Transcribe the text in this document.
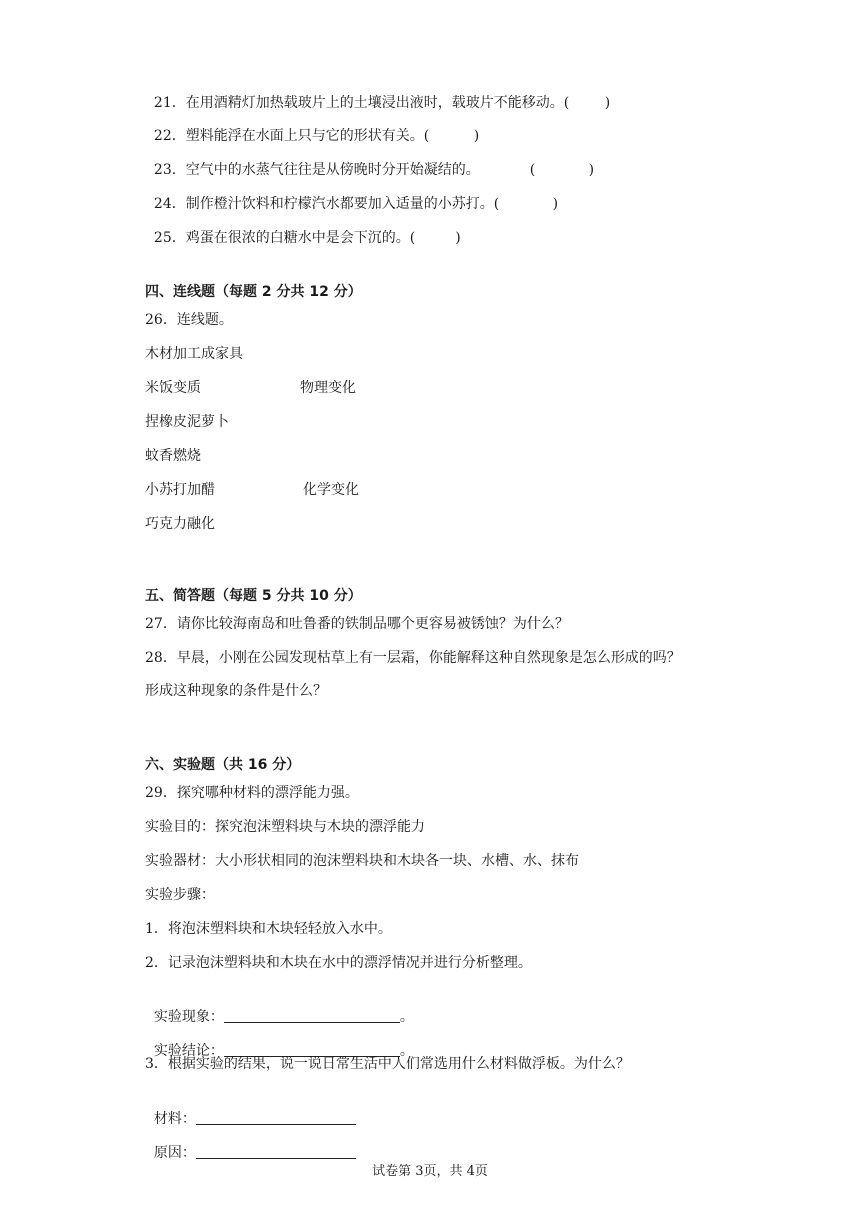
21．在用酒精灯加热载玻片上的土壤浸出液时，载玻片不能移动。(        )

22．塑料能浮在水面上只与它的形状有关。(          )

23．空气中的水蒸气往往是从傍晚时分开始凝结的。	(            )

24．制作橙汁饮料和柠檬汽水都要加入适量的小苏打。(            )

25．鸡蛋在很浓的白糖水中是会下沉的。(         )

四、连线题（每题 2 分共 12 分）
26．连线题。
木材加工成家具
米饭变质	物理变化
捏橡皮泥萝卜
蚊香燃烧
小苏打加醋	化学变化
巧克力融化
五、简答题（每题 5 分共 10 分）
27．请你比较海南岛和吐鲁番的铁制品哪个更容易被锈蚀？为什么？
28．早晨，小刚在公园发现枯草上有一层霜，你能解释这种自然现象是怎么形成的吗？
形成这种现象的条件是什么？
六、实验题（共 16 分）
29．探究哪种材料的漂浮能力强。
实验目的：探究泡沫塑料块与木块的漂浮能力
实验器材：大小形状相同的泡沫塑料块和木块各一块、水槽、水、抹布
实验步骤：
1．将泡沫塑料块和木块轻轻放入水中。
2．记录泡沫塑料块和木块在水中的漂浮情况并进行分析整理。

实验现象：	。

实验结论：	。

3．根据实验的结果，说一说日常生活中人们常选用什么材料做浮板。为什么？

材料：

原因：

试卷第 3页，共 4页
